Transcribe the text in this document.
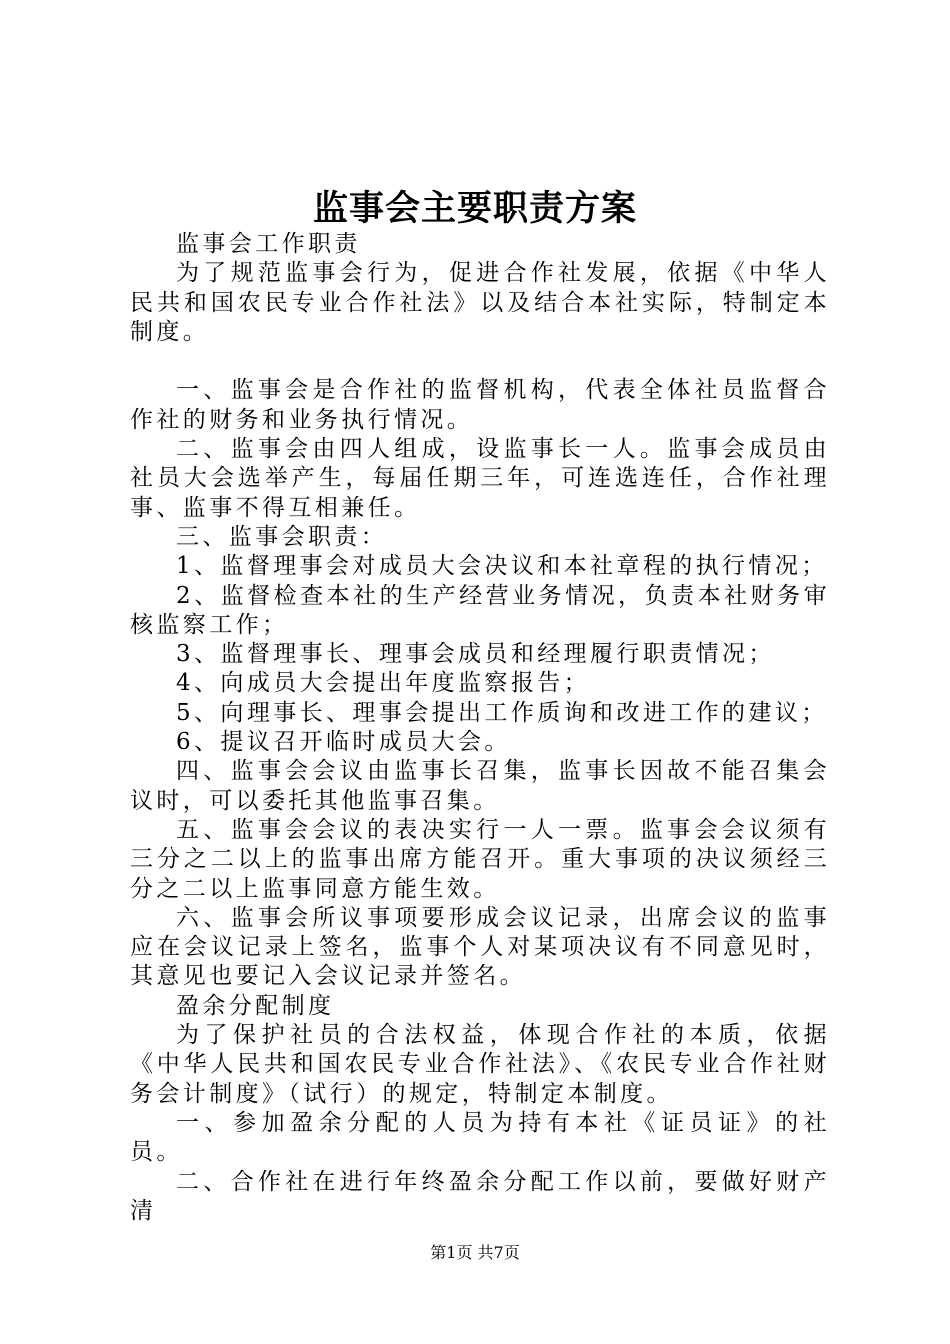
监事会主要职责方案

监事会工作职责

为了规范监事会行为，促进合作社发展，依据《中华人民共和国农民专业合作社法》以及结合本社实际，特制定本制度。

一、监事会是合作社的监督机构，代表全体社员监督合作社的财务和业务执行情况。

二、监事会由四人组成，设监事长一人。监事会成员由社员大会选举产生，每届任期三年，可连选连任，合作社理事、监事不得互相兼任。

三、监事会职责：

1、监督理事会对成员大会决议和本社章程的执行情况；

2、监督检查本社的生产经营业务情况，负责本社财务审核监察工作；

3、监督理事长、理事会成员和经理履行职责情况；

4、向成员大会提出年度监察报告；

5、向理事长、理事会提出工作质询和改进工作的建议；

6、提议召开临时成员大会。

四、监事会会议由监事长召集，监事长因故不能召集会议时，可以委托其他监事召集。

五、监事会会议的表决实行一人一票。监事会会议须有三分之二以上的监事出席方能召开。重大事项的决议须经三分之二以上监事同意方能生效。

六、监事会所议事项要形成会议记录，出席会议的监事应在会议记录上签名，监事个人对某项决议有不同意见时，其意见也要记入会议记录并签名。

盈余分配制度

为了保护社员的合法权益，体现合作社的本质，依据《中华人民共和国农民专业合作社法》、《农民专业合作社财务会计制度》（试行）的规定，特制定本制度。

一、参加盈余分配的人员为持有本社《证员证》的社员。

二、合作社在进行年终盈余分配工作以前，要做好财产清

第1页 共7页
